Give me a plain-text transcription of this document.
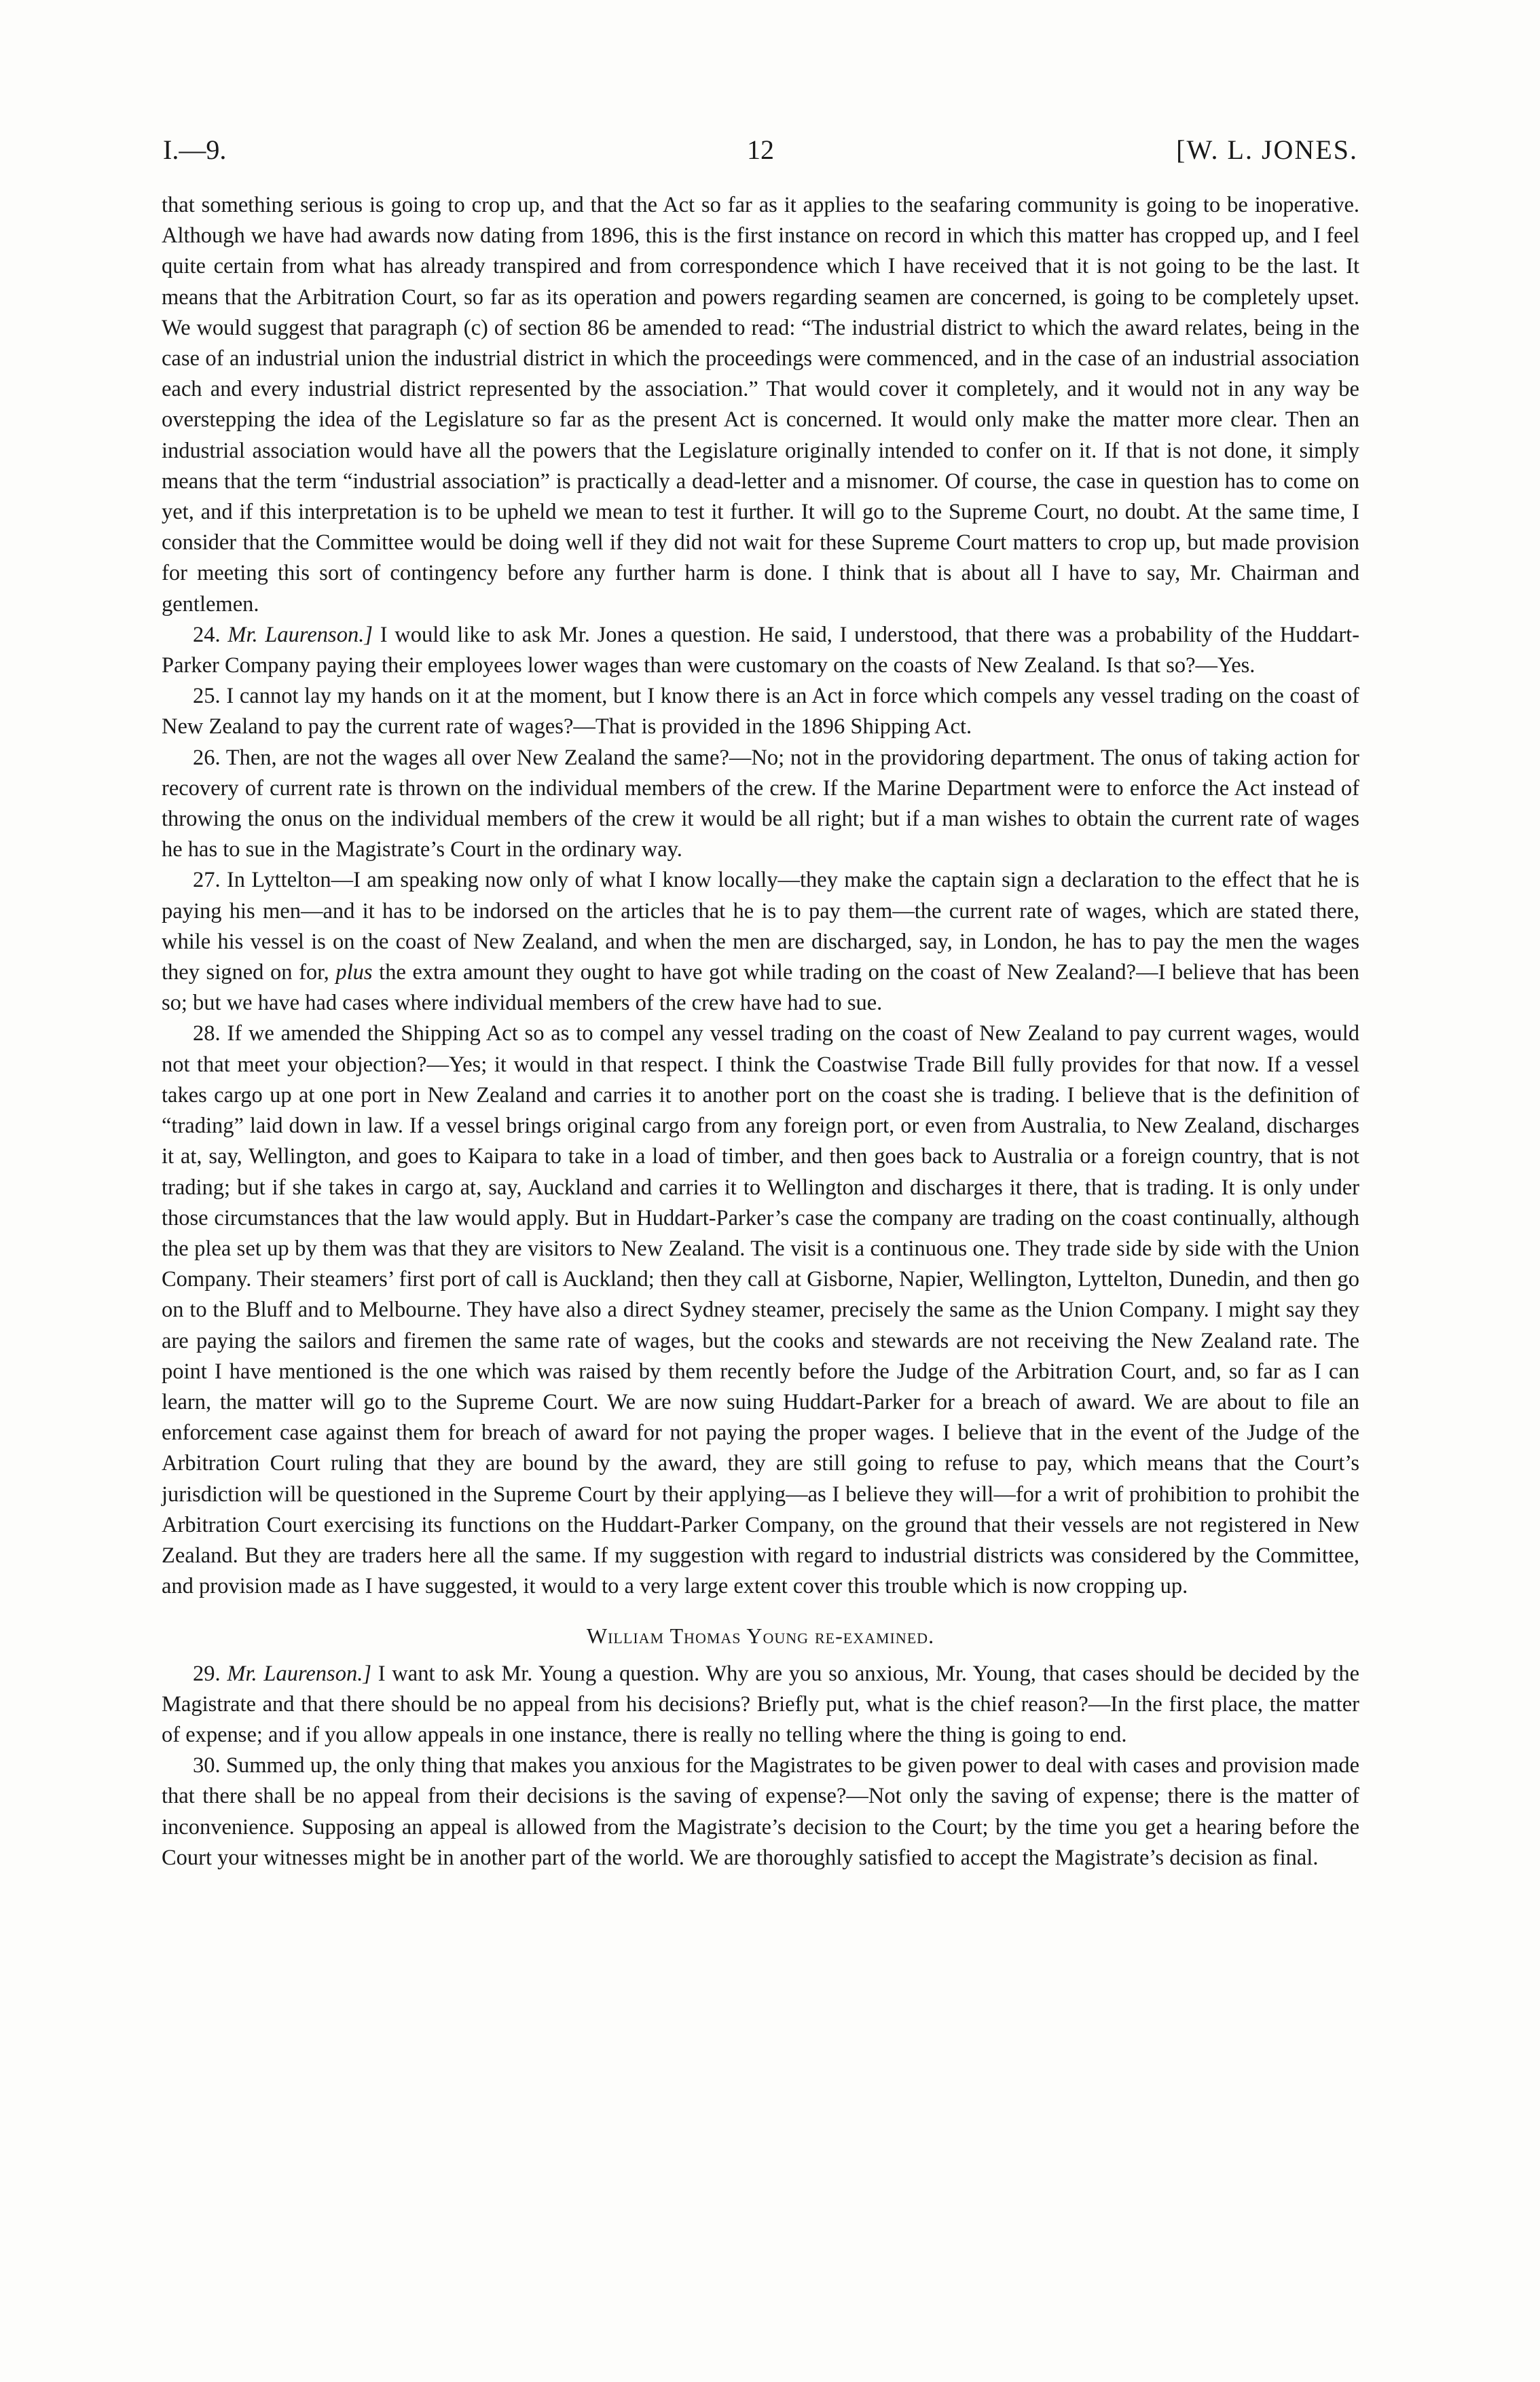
I.—9.	12	[W. L. JONES.

that something serious is going to crop up, and that the Act so far as it applies to the seafaring community is going to be inoperative. Although we have had awards now dating from 1896, this is the first instance on record in which this matter has cropped up, and I feel quite certain from what has already transpired and from correspondence which I have received that it is not going to be the last. It means that the Arbitration Court, so far as its operation and powers regarding seamen are concerned, is going to be completely upset. We would suggest that paragraph (c) of section 86 be amended to read: “The industrial district to which the award relates, being in the case of an industrial union the industrial district in which the proceedings were commenced, and in the case of an industrial association each and every industrial district represented by the association.” That would cover it completely, and it would not in any way be overstepping the idea of the Legislature so far as the present Act is concerned. It would only make the matter more clear. Then an industrial association would have all the powers that the Legislature originally intended to confer on it. If that is not done, it simply means that the term “industrial association” is practically a dead-letter and a misnomer. Of course, the case in question has to come on yet, and if this interpretation is to be upheld we mean to test it further. It will go to the Supreme Court, no doubt. At the same time, I consider that the Committee would be doing well if they did not wait for these Supreme Court matters to crop up, but made provision for meeting this sort of contingency before any further harm is done. I think that is about all I have to say, Mr. Chairman and gentlemen.

24. Mr. Laurenson.] I would like to ask Mr. Jones a question. He said, I understood, that there was a probability of the Huddart-Parker Company paying their employees lower wages than were customary on the coasts of New Zealand. Is that so?—Yes.

25. I cannot lay my hands on it at the moment, but I know there is an Act in force which compels any vessel trading on the coast of New Zealand to pay the current rate of wages?—That is provided in the 1896 Shipping Act.

26. Then, are not the wages all over New Zealand the same?—No; not in the providoring department. The onus of taking action for recovery of current rate is thrown on the individual members of the crew. If the Marine Department were to enforce the Act instead of throwing the onus on the individual members of the crew it would be all right; but if a man wishes to obtain the current rate of wages he has to sue in the Magistrate’s Court in the ordinary way.

27. In Lyttelton—I am speaking now only of what I know locally—they make the captain sign a declaration to the effect that he is paying his men—and it has to be indorsed on the articles that he is to pay them—the current rate of wages, which are stated there, while his vessel is on the coast of New Zealand, and when the men are discharged, say, in London, he has to pay the men the wages they signed on for, plus the extra amount they ought to have got while trading on the coast of New Zealand?—I believe that has been so; but we have had cases where individual members of the crew have had to sue.

28. If we amended the Shipping Act so as to compel any vessel trading on the coast of New Zealand to pay current wages, would not that meet your objection?—Yes; it would in that respect. I think the Coastwise Trade Bill fully provides for that now. If a vessel takes cargo up at one port in New Zealand and carries it to another port on the coast she is trading. I believe that is the definition of “trading” laid down in law. If a vessel brings original cargo from any foreign port, or even from Australia, to New Zealand, discharges it at, say, Wellington, and goes to Kaipara to take in a load of timber, and then goes back to Australia or a foreign country, that is not trading; but if she takes in cargo at, say, Auckland and carries it to Wellington and discharges it there, that is trading. It is only under those circumstances that the law would apply. But in Huddart-Parker’s case the company are trading on the coast continually, although the plea set up by them was that they are visitors to New Zealand. The visit is a continuous one. They trade side by side with the Union Company. Their steamers’ first port of call is Auckland; then they call at Gisborne, Napier, Wellington, Lyttelton, Dunedin, and then go on to the Bluff and to Melbourne. They have also a direct Sydney steamer, precisely the same as the Union Company. I might say they are paying the sailors and firemen the same rate of wages, but the cooks and stewards are not receiving the New Zealand rate. The point I have mentioned is the one which was raised by them recently before the Judge of the Arbitration Court, and, so far as I can learn, the matter will go to the Supreme Court. We are now suing Huddart-Parker for a breach of award. We are about to file an enforcement case against them for breach of award for not paying the proper wages. I believe that in the event of the Judge of the Arbitration Court ruling that they are bound by the award, they are still going to refuse to pay, which means that the Court’s jurisdiction will be questioned in the Supreme Court by their applying—as I believe they will—for a writ of prohibition to prohibit the Arbitration Court exercising its functions on the Huddart-Parker Company, on the ground that their vessels are not registered in New Zealand. But they are traders here all the same. If my suggestion with regard to industrial districts was considered by the Committee, and provision made as I have suggested, it would to a very large extent cover this trouble which is now cropping up.

William Thomas Young re-examined.

29. Mr. Laurenson.] I want to ask Mr. Young a question. Why are you so anxious, Mr. Young, that cases should be decided by the Magistrate and that there should be no appeal from his decisions? Briefly put, what is the chief reason?—In the first place, the matter of expense; and if you allow appeals in one instance, there is really no telling where the thing is going to end.

30. Summed up, the only thing that makes you anxious for the Magistrates to be given power to deal with cases and provision made that there shall be no appeal from their decisions is the saving of expense?—Not only the saving of expense; there is the matter of inconvenience. Supposing an appeal is allowed from the Magistrate’s decision to the Court; by the time you get a hearing before the Court your witnesses might be in another part of the world. We are thoroughly satisfied to accept the Magistrate’s decision as final.
